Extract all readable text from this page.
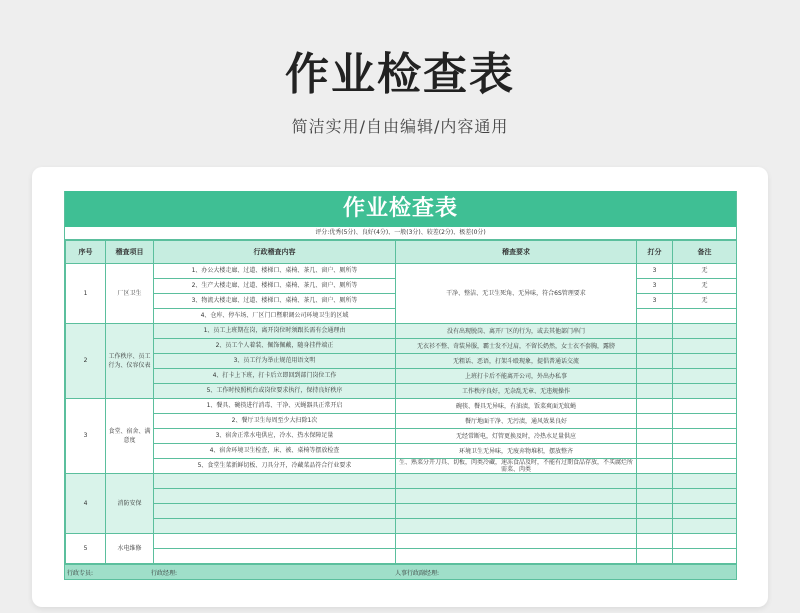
作业检查表
简洁实用/自由编辑/内容通用
作业检查表
评分:优秀(5分)、良好(4分)、一般(3分)、较差(2分)、极差(0分)
序号	稽查项目	行政稽查内容	稽查要求	打分	备注
1	厂区卫生	1、办公大楼走廊、过道、楼梯口、桌椅、茶几、窗户、厕所等	干净、整洁、无卫生死角、无异味，符合6S管理要求	3	无
		2、生产大楼走廊、过道、楼梯口、桌椅、茶几、窗户、厕所等		3	无
		3、物流大楼走廊、过道、楼梯口、桌椅、茶几、窗户、厕所等		3	无
		4、仓库、停车场、厂区门口暨职调公司环境卫生的区域			
2	工作秩序、员工行为、仪容仪表	1、员工上班期在岗，离开岗位时须跟长需有会通理由	没有出现脱岗、离开厂区的行为，或去其他部门串门		
		2、员工个人着装、佩饰佩戴，随身挂件端正	无衣衫不整、奇装异服，霸士发不过肩，不留长奶然，女士衣不套胸，露膀		
		3、员工行为举止规范用语文明	无粗话、恶语，打架斗殴现象，提倡普通话交流		
		4、打卡上下班，打卡后立即回到部门岗位工作	上班打卡后不能离开公司，外出办私事		
		5、工作时按照机台或岗位要求执行，保持良好秩序	工作秩序良好，无杂乱无章、无违规操作		
3	食堂、宿舍、满意度	1、餐具、碗筷进行消毒、干净、灭蝇器具正常开启	碗筷、餐具无异味，有油渍，饭菜爽面无蚊蝇		
		2、餐厅卫生每周至少大扫除1次	餐厅地面干净、无污渍，通风效果良好		
		3、宿舍正常水电供应，冷水、热水保障足量	无经常断电，灯管更换及时，冷热水足量供应		
		4、宿舍环境卫生检查，床、被、桌椅等摆放检查	环境卫生无异味，无废弃物堆积，摆放整齐		
		5、食堂生菜新鲜切板、刀具分开，冷藏菜品符合行业要求	生、熟菜分开刀具、切板，肉类冷藏，速冻食品及时，不能有过期食品存放，不买腐烂所需菜、肉类		
4	消防安保				

5	水电维修				

行政专员:	行政经理:	人事行政副经理:
